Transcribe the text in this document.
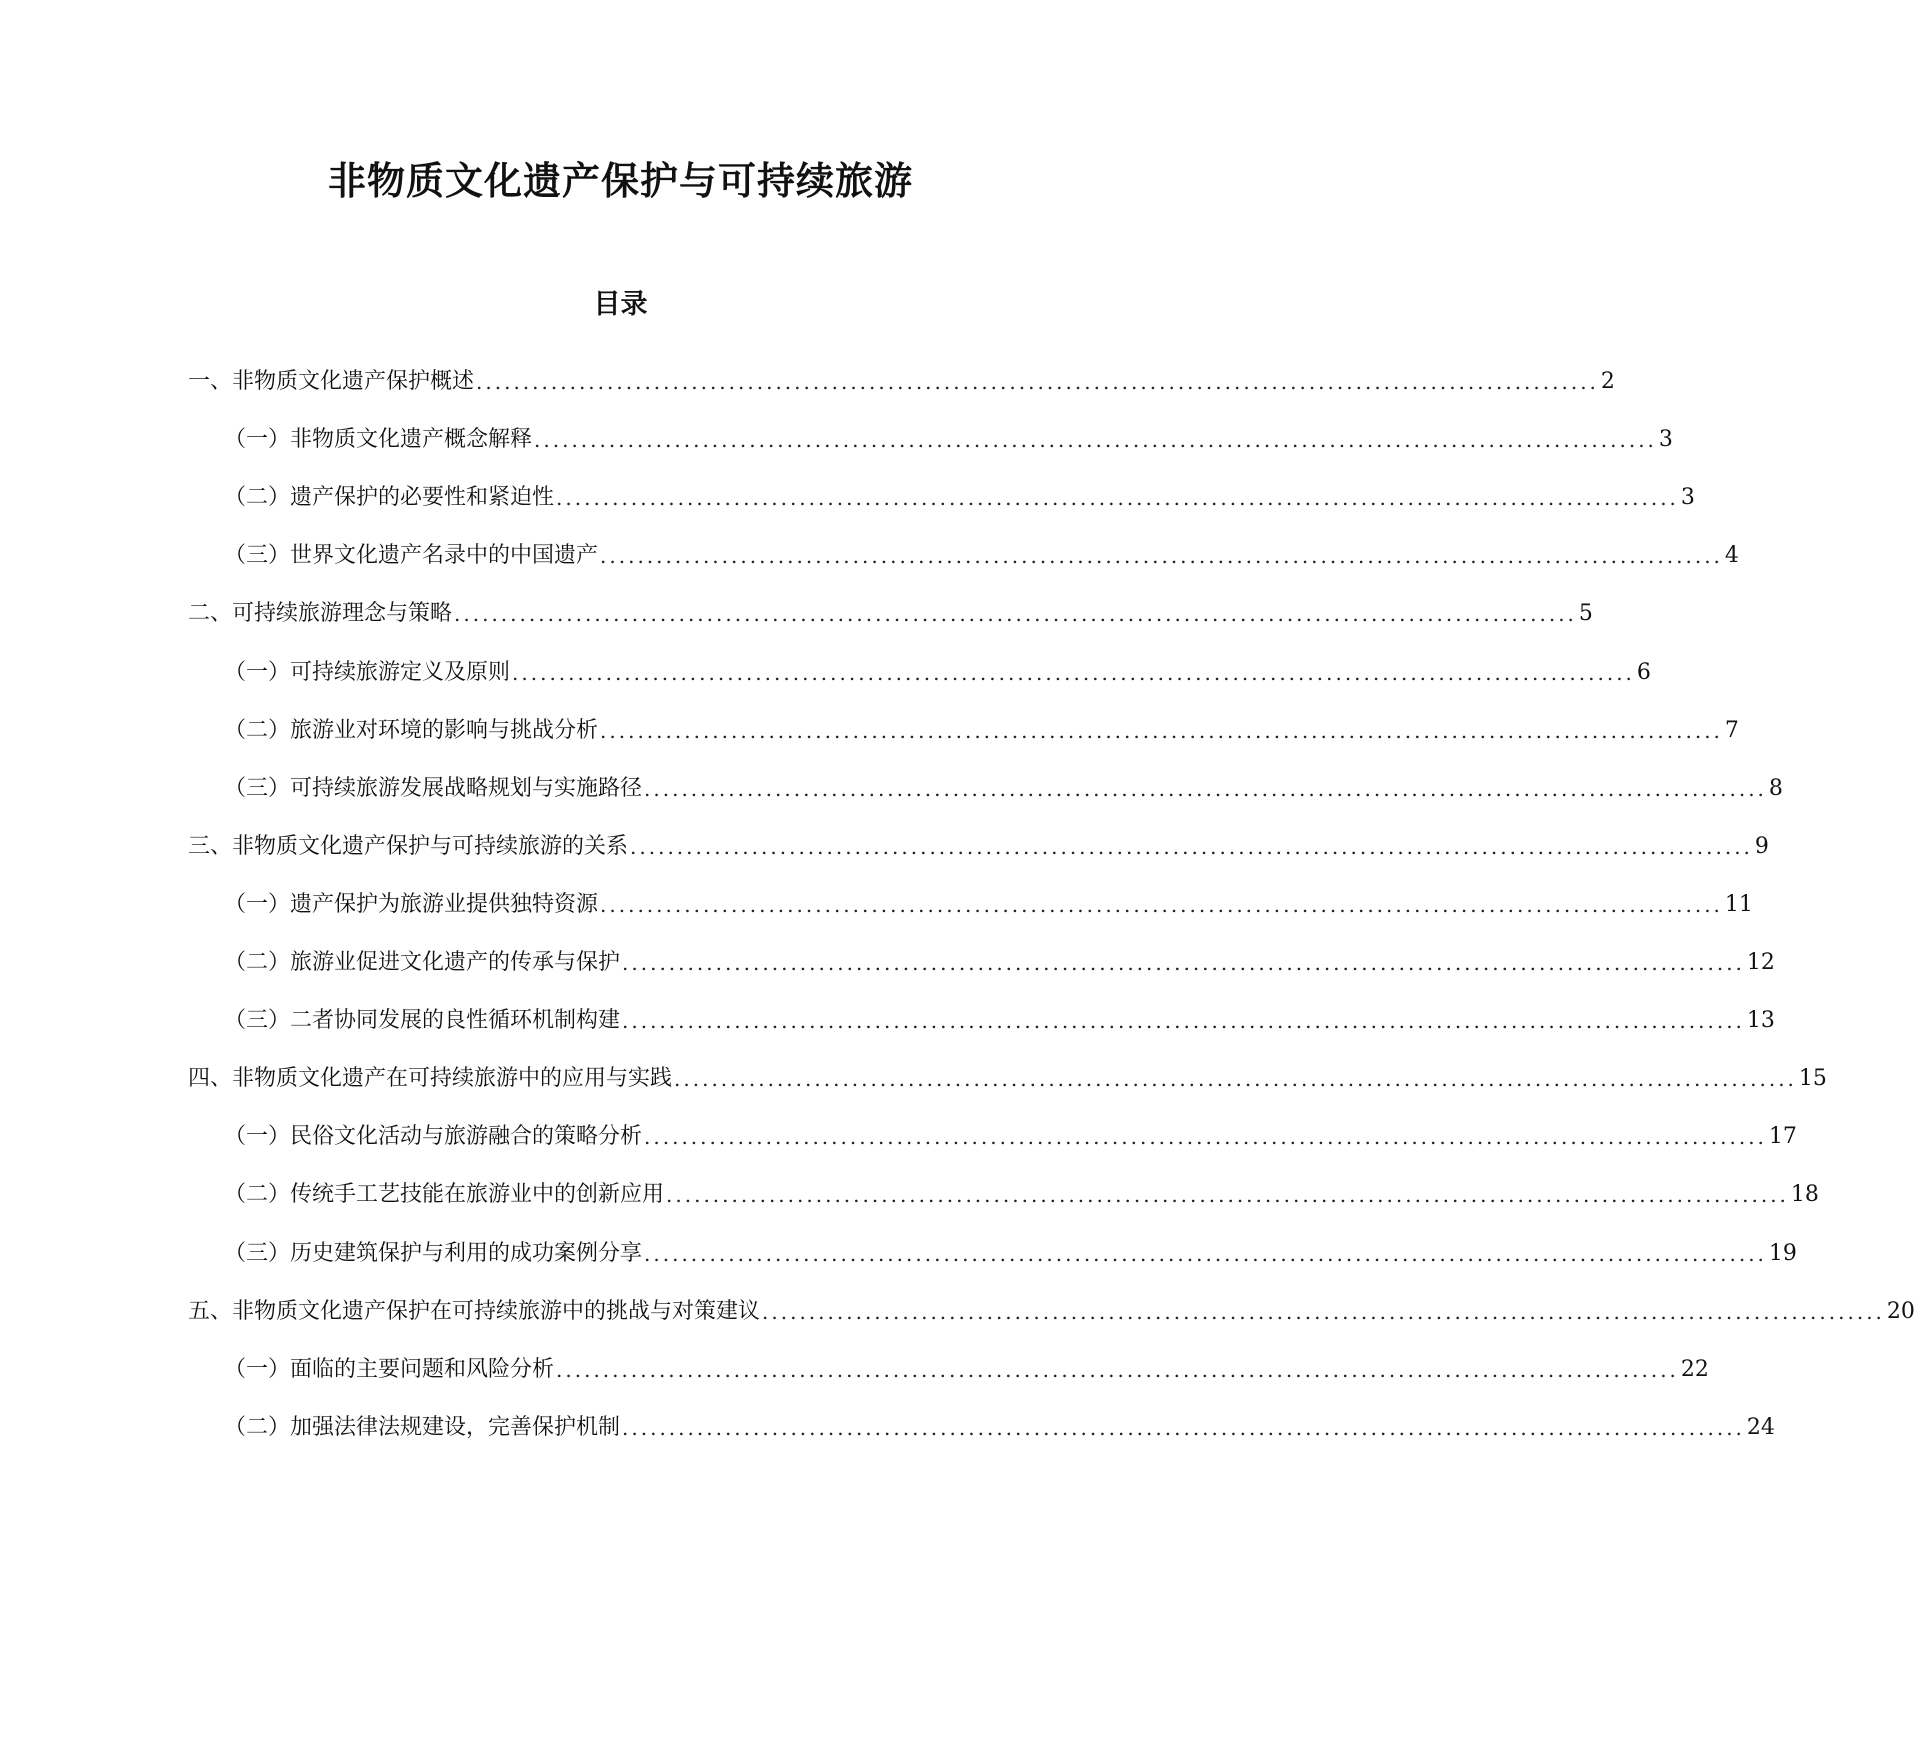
非物质文化遗产保护与可持续旅游
目录
一、非物质文化遗产保护概述 ........................................................................................................................ 2
（一）非物质文化遗产概念解释 ........................................................................................................................ 3
（二）遗产保护的必要性和紧迫性 ........................................................................................................................ 3
（三）世界文化遗产名录中的中国遗产 ........................................................................................................................ 4
二、可持续旅游理念与策略 ........................................................................................................................ 5
（一）可持续旅游定义及原则 ........................................................................................................................ 6
（二）旅游业对环境的影响与挑战分析 ........................................................................................................................ 7
（三）可持续旅游发展战略规划与实施路径 ........................................................................................................................ 8
三、非物质文化遗产保护与可持续旅游的关系 ........................................................................................................................ 9
（一）遗产保护为旅游业提供独特资源 ........................................................................................................................ 11
（二）旅游业促进文化遗产的传承与保护 ........................................................................................................................ 12
（三）二者协同发展的良性循环机制构建 ........................................................................................................................ 13
四、非物质文化遗产在可持续旅游中的应用与实践 ........................................................................................................................ 15
（一）民俗文化活动与旅游融合的策略分析 ........................................................................................................................ 17
（二）传统手工艺技能在旅游业中的创新应用 ........................................................................................................................ 18
（三）历史建筑保护与利用的成功案例分享 ........................................................................................................................ 19
五、非物质文化遗产保护在可持续旅游中的挑战与对策建议 ........................................................................................................................ 20
（一）面临的主要问题和风险分析 ........................................................................................................................ 22
（二）加强法律法规建设，完善保护机制 ........................................................................................................................ 24
